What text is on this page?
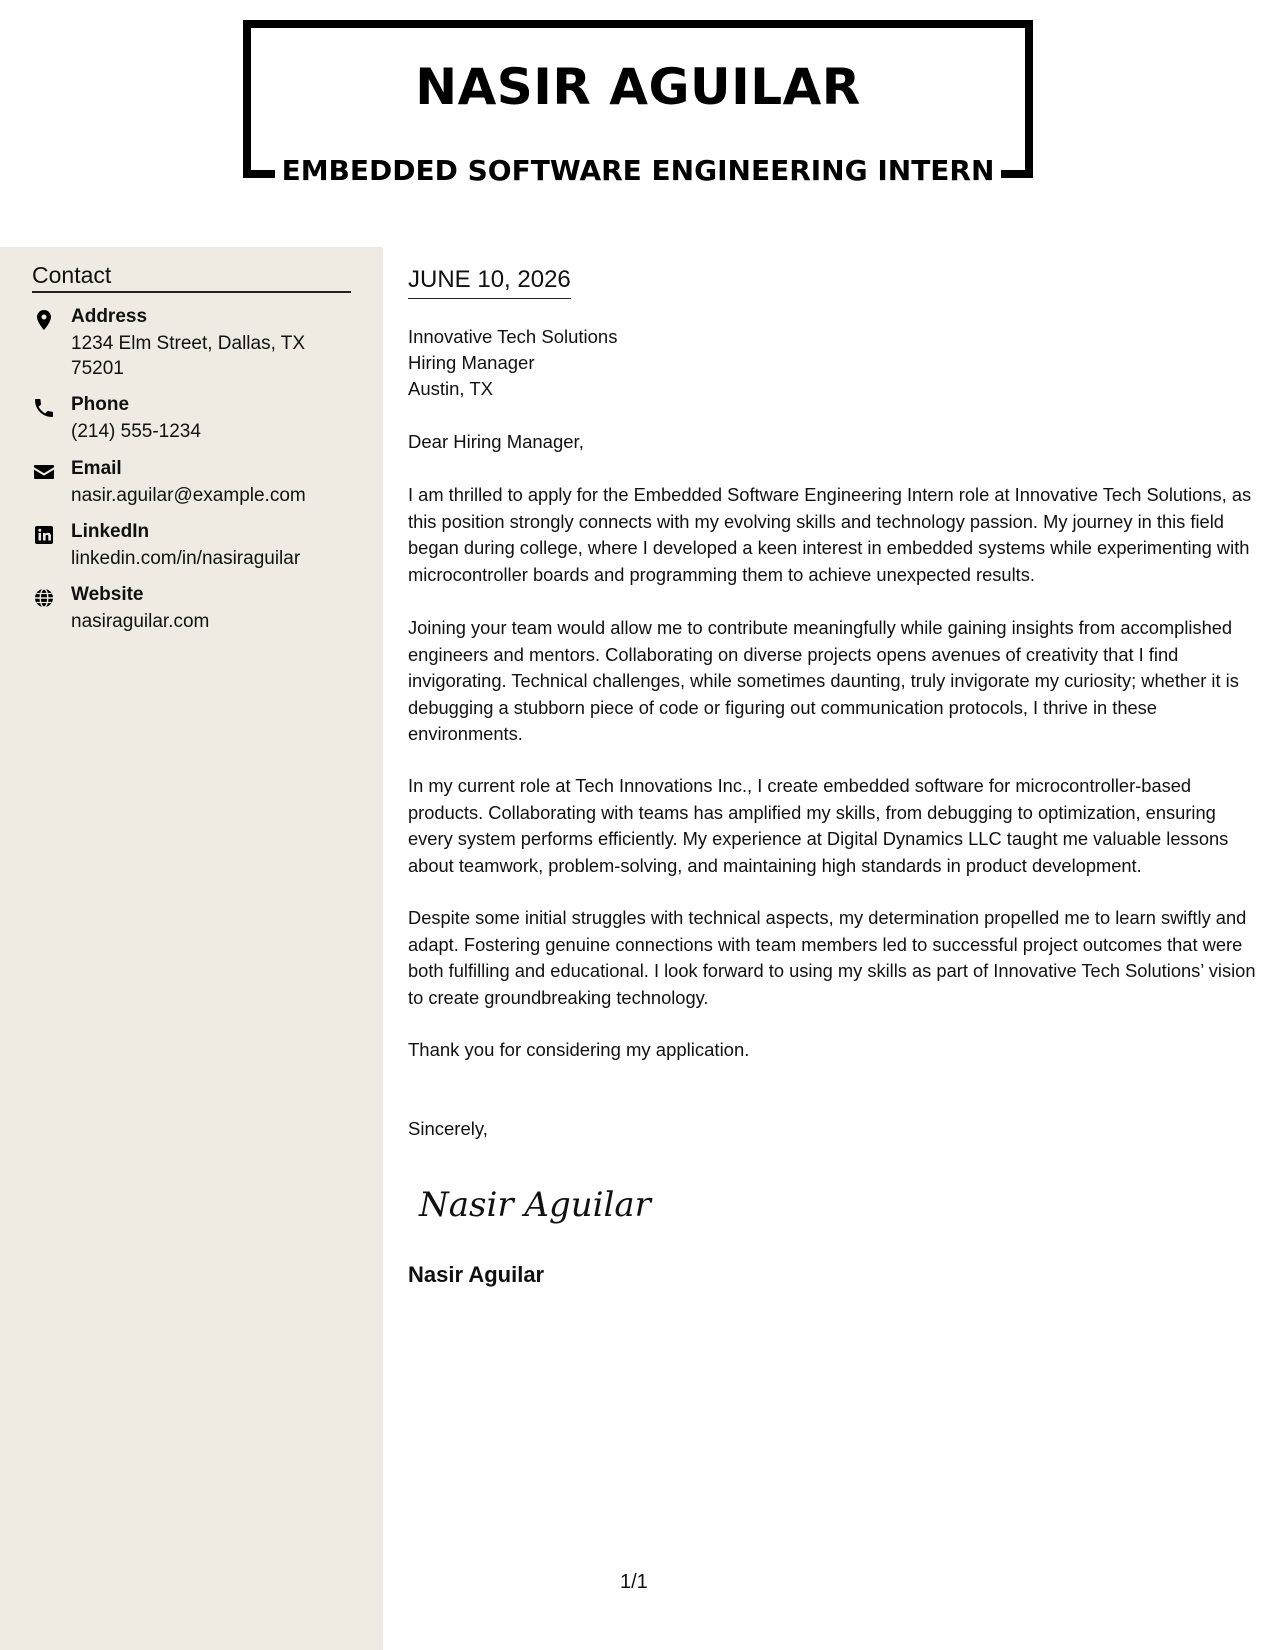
NASIR AGUILAR
EMBEDDED SOFTWARE ENGINEERING INTERN
Contact
Address
1234 Elm Street, Dallas, TX 75201
Phone
(214) 555-1234
Email
nasir.aguilar@example.com
LinkedIn
linkedin.com/in/nasiraguilar
Website
nasiraguilar.com
JUNE 10, 2026
Innovative Tech Solutions
Hiring Manager
Austin, TX
Dear Hiring Manager,

I am thrilled to apply for the Embedded Software Engineering Intern role at Innovative Tech Solutions, as this position strongly connects with my evolving skills and technology passion. My journey in this field began during college, where I developed a keen interest in embedded systems while experimenting with microcontroller boards and programming them to achieve unexpected results.

Joining your team would allow me to contribute meaningfully while gaining insights from accomplished engineers and mentors. Collaborating on diverse projects opens avenues of creativity that I find invigorating. Technical challenges, while sometimes daunting, truly invigorate my curiosity; whether it is debugging a stubborn piece of code or figuring out communication protocols, I thrive in these environments.

In my current role at Tech Innovations Inc., I create embedded software for microcontroller-based products. Collaborating with teams has amplified my skills, from debugging to optimization, ensuring every system performs efficiently. My experience at Digital Dynamics LLC taught me valuable lessons about teamwork, problem-solving, and maintaining high standards in product development.

Despite some initial struggles with technical aspects, my determination propelled me to learn swiftly and adapt. Fostering genuine connections with team members led to successful project outcomes that were both fulfilling and educational. I look forward to using my skills as part of Innovative Tech Solutions’ vision to create groundbreaking technology.

Thank you for considering my application.
Sincerely,
Nasir Aguilar
Nasir Aguilar
1/1
